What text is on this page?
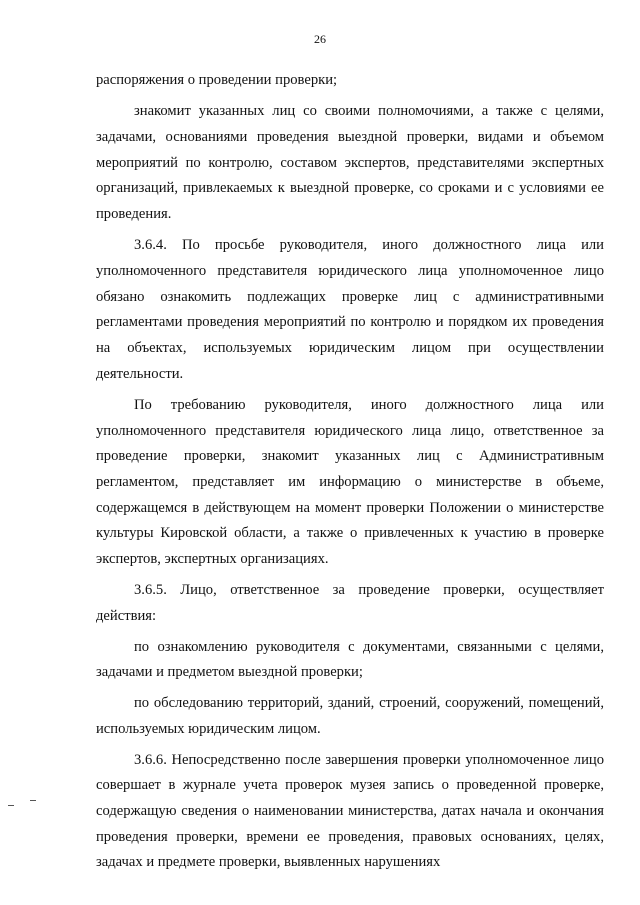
26

распоряжения о проведении проверки;

знакомит указанных лиц со своими полномочиями, а также с целями, задачами, основаниями проведения выездной проверки, видами и объемом мероприятий по контролю, составом экспертов, представителями экспертных организаций, привлекаемых к выездной проверке, со сроками и с условиями ее проведения.

3.6.4. По просьбе руководителя, иного должностного лица или уполномоченного представителя юридического лица уполномоченное лицо обязано ознакомить подлежащих проверке лиц с административными регламентами проведения мероприятий по контролю и порядком их проведения на объектах, используемых юридическим лицом при осуществлении деятельности.

По требованию руководителя, иного должностного лица или уполномоченного представителя юридического лица лицо, ответственное за проведение проверки, знакомит указанных лиц с Административным регламентом, представляет им информацию о министерстве в объеме, содержащемся в действующем на момент проверки Положении о министерстве культуры Кировской области, а также о привлеченных к участию в проверке экспертов, экспертных организациях.

3.6.5. Лицо, ответственное за проведение проверки, осуществляет действия:

по ознакомлению руководителя с документами, связанными с целями, задачами и предметом выездной проверки;

по обследованию территорий, зданий, строений, сооружений, помещений, используемых юридическим лицом.

3.6.6. Непосредственно после завершения проверки уполномоченное лицо совершает в журнале учета проверок музея запись о проведенной проверке, содержащую сведения о наименовании министерства, датах начала и окончания проведения проверки, времени ее проведения, правовых основаниях, целях, задачах и предмете проверки, выявленных нарушениях
